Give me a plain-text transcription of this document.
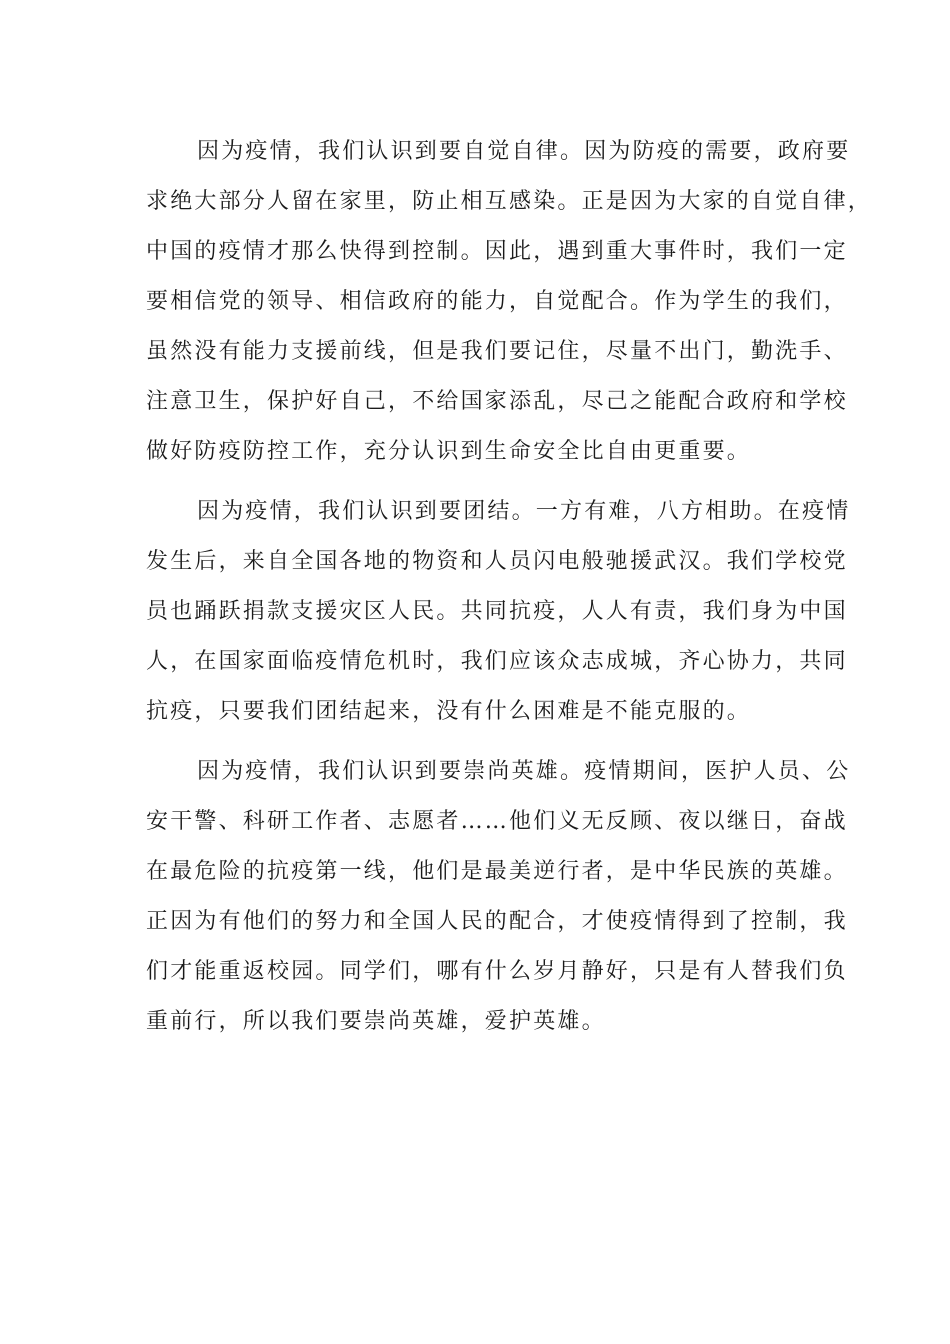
因为疫情，我们认识到要自觉自律。因为防疫的需要，政府要
求绝大部分人留在家里，防止相互感染。正是因为大家的自觉自律，
中国的疫情才那么快得到控制。因此，遇到重大事件时，我们一定
要相信党的领导、相信政府的能力，自觉配合。作为学生的我们，
虽然没有能力支援前线，但是我们要记住，尽量不出门，勤洗手、
注意卫生，保护好自己，不给国家添乱，尽己之能配合政府和学校
做好防疫防控工作，充分认识到生命安全比自由更重要。
因为疫情，我们认识到要团结。一方有难，八方相助。在疫情
发生后，来自全国各地的物资和人员闪电般驰援武汉。我们学校党
员也踊跃捐款支援灾区人民。共同抗疫，人人有责，我们身为中国
人，在国家面临疫情危机时，我们应该众志成城，齐心协力，共同
抗疫，只要我们团结起来，没有什么困难是不能克服的。
因为疫情，我们认识到要崇尚英雄。疫情期间，医护人员、公
安干警、科研工作者、志愿者……他们义无反顾、夜以继日，奋战
在最危险的抗疫第一线，他们是最美逆行者，是中华民族的英雄。
正因为有他们的努力和全国人民的配合，才使疫情得到了控制，我
们才能重返校园。同学们，哪有什么岁月静好，只是有人替我们负
重前行，所以我们要崇尚英雄，爱护英雄。
